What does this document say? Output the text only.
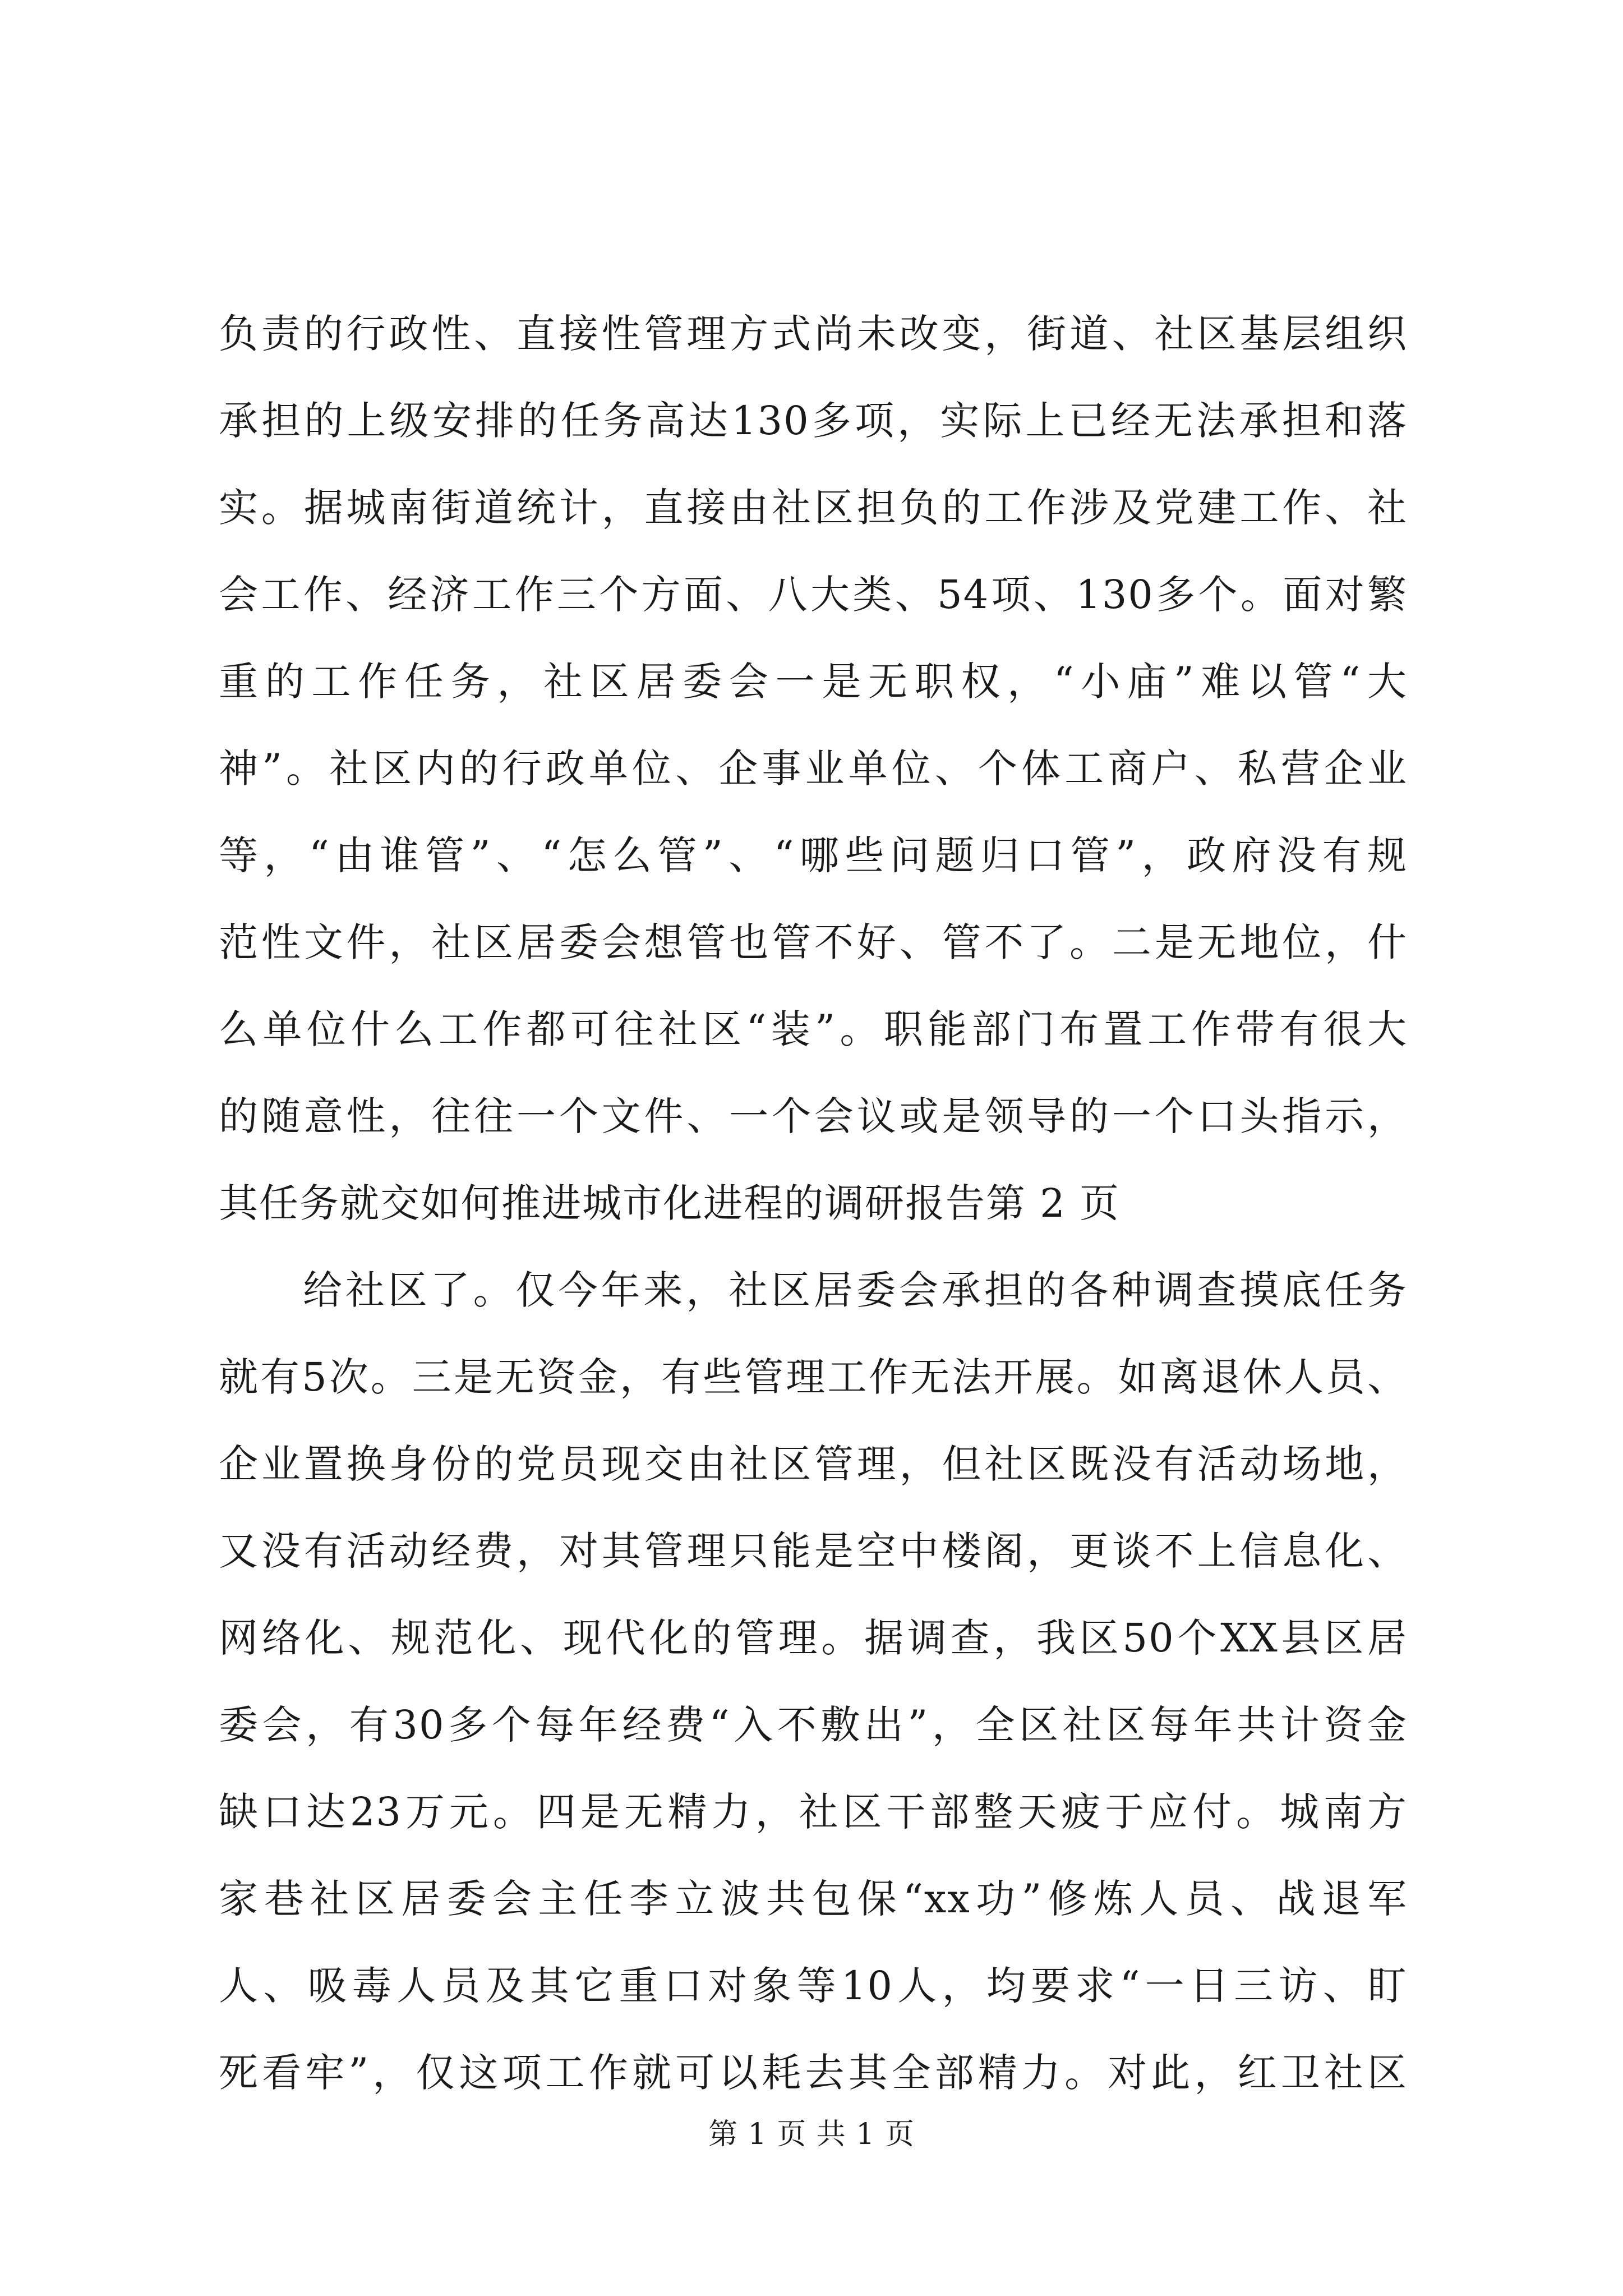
负责的行政性、直接性管理方式尚未改变，街道、社区基层组织
承担的上级安排的任务高达130多项，实际上已经无法承担和落
实。据城南街道统计，直接由社区担负的工作涉及党建工作、社
会工作、经济工作三个方面、八大类、54项、130多个。面对繁
重的工作任务，社区居委会一是无职权，“小庙”难以管“大
神”。社区内的行政单位、企事业单位、个体工商户、私营企业
等，“由谁管”、“怎么管”、“哪些问题归口管”，政府没有规
范性文件，社区居委会想管也管不好、管不了。二是无地位，什
么单位什么工作都可往社区“装”。职能部门布置工作带有很大
的随意性，往往一个文件、一个会议或是领导的一个口头指示，
其任务就交如何推进城市化进程的调研报告第 2 页
给社区了。仅今年来，社区居委会承担的各种调查摸底任务
就有5次。三是无资金，有些管理工作无法开展。如离退休人员、
企业置换身份的党员现交由社区管理，但社区既没有活动场地，
又没有活动经费，对其管理只能是空中楼阁，更谈不上信息化、
网络化、规范化、现代化的管理。据调查，我区50个XX县区居
委会，有30多个每年经费“入不敷出”，全区社区每年共计资金
缺口达23万元。四是无精力，社区干部整天疲于应付。城南方
家巷社区居委会主任李立波共包保“xx功”修炼人员、战退军
人、吸毒人员及其它重口对象等10人，均要求“一日三访、盯
死看牢”，仅这项工作就可以耗去其全部精力。对此，红卫社区
第 1 页 共 1 页
